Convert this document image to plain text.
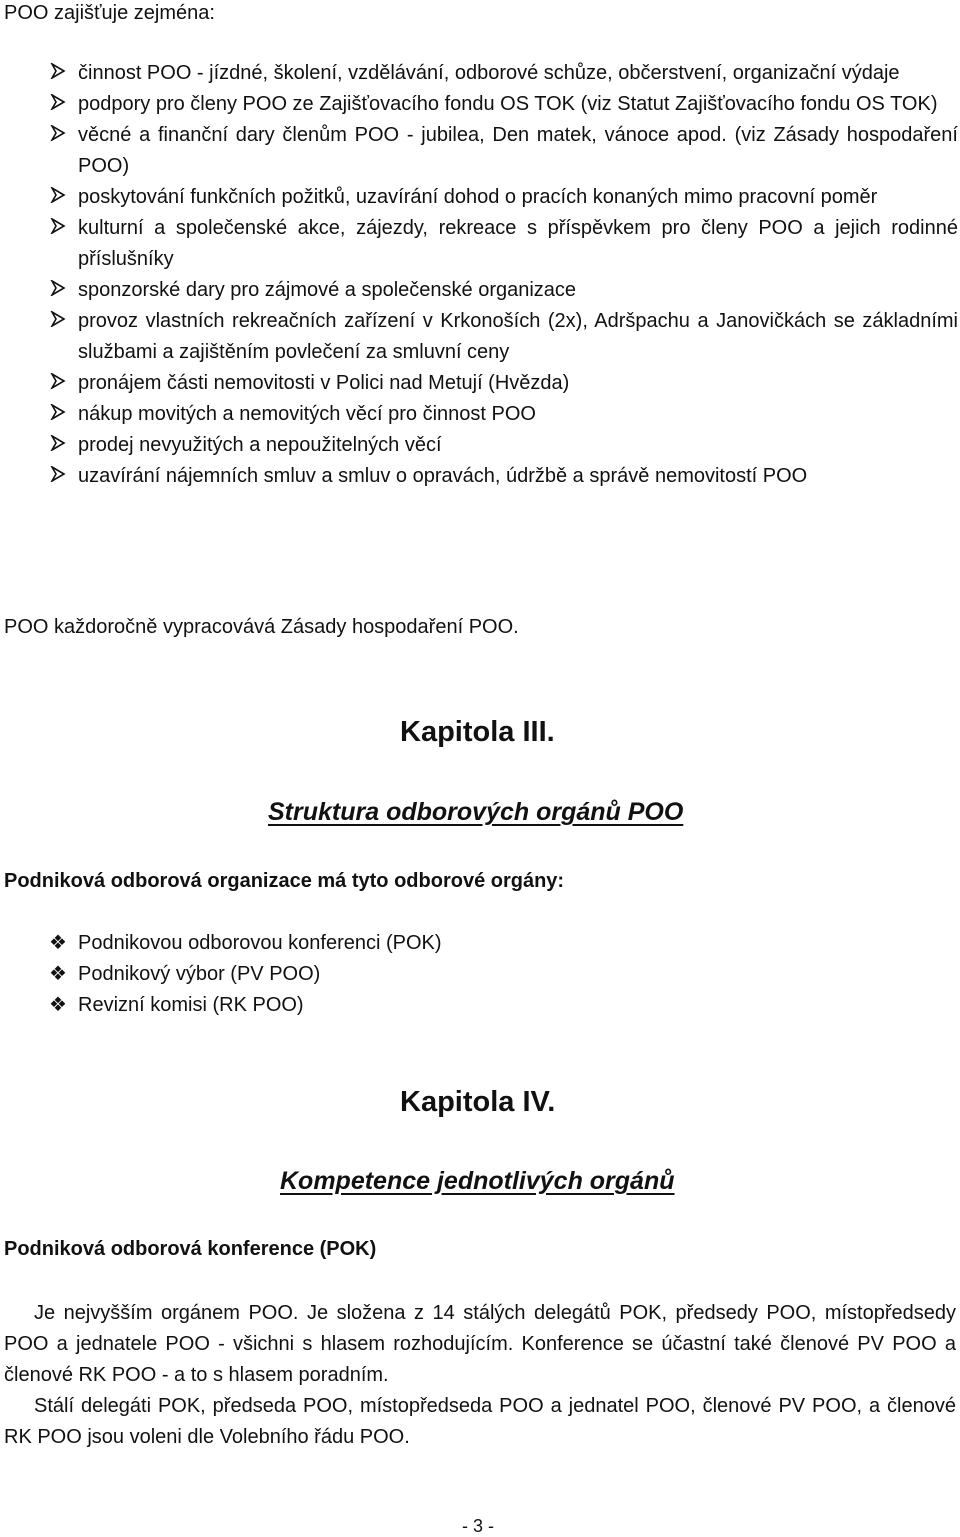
POO zajišťuje zejména:
činnost POO - jízdné, školení, vzdělávání, odborové schůze, občerstvení, organizační výdaje
podpory pro členy POO ze Zajišťovacího fondu OS TOK (viz Statut Zajišťovacího fondu OS TOK)
věcné a finanční dary členům POO - jubilea, Den matek, vánoce apod. (viz Zásady hospodaření POO)
poskytování funkčních požitků, uzavírání dohod o pracích konaných mimo pracovní poměr
kulturní a společenské akce, zájezdy, rekreace s příspěvkem pro členy POO a jejich rodinné příslušníky
sponzorské dary pro zájmové a společenské organizace
provoz vlastních rekreačních zařízení v Krkonoších (2x), Adršpachu a Janovičkách se základními službami a zajištěním povlečení za smluvní ceny
pronájem části nemovitosti v Polici nad Metují (Hvězda)
nákup movitých a nemovitých věcí pro činnost POO
prodej nevyužitých a nepoužitelných věcí
uzavírání nájemních smluv a smluv o opravách, údržbě a správě nemovitostí POO
POO každoročně vypracovává Zásady hospodaření POO.
Kapitola III.
Struktura odborových orgánů POO
Podniková odborová organizace má tyto odborové orgány:
❖ Podnikovou odborovou konferenci (POK)
❖ Podnikový výbor (PV POO)
❖ Revizní komisi (RK POO)
Kapitola IV.
Kompetence jednotlivých orgánů
Podniková odborová konference (POK)

Je nejvyšším orgánem POO. Je složena z 14 stálých delegátů POK, předsedy POO, místopředsedy POO a jednatele POO - všichni s hlasem rozhodujícím. Konference se účastní také členové PV POO a členové RK POO - a to s hlasem poradním.

Stálí delegáti POK, předseda POO, místopředseda POO a jednatel POO, členové PV POO, a členové RK POO jsou voleni dle Volebního řádu POO.

- 3 -
